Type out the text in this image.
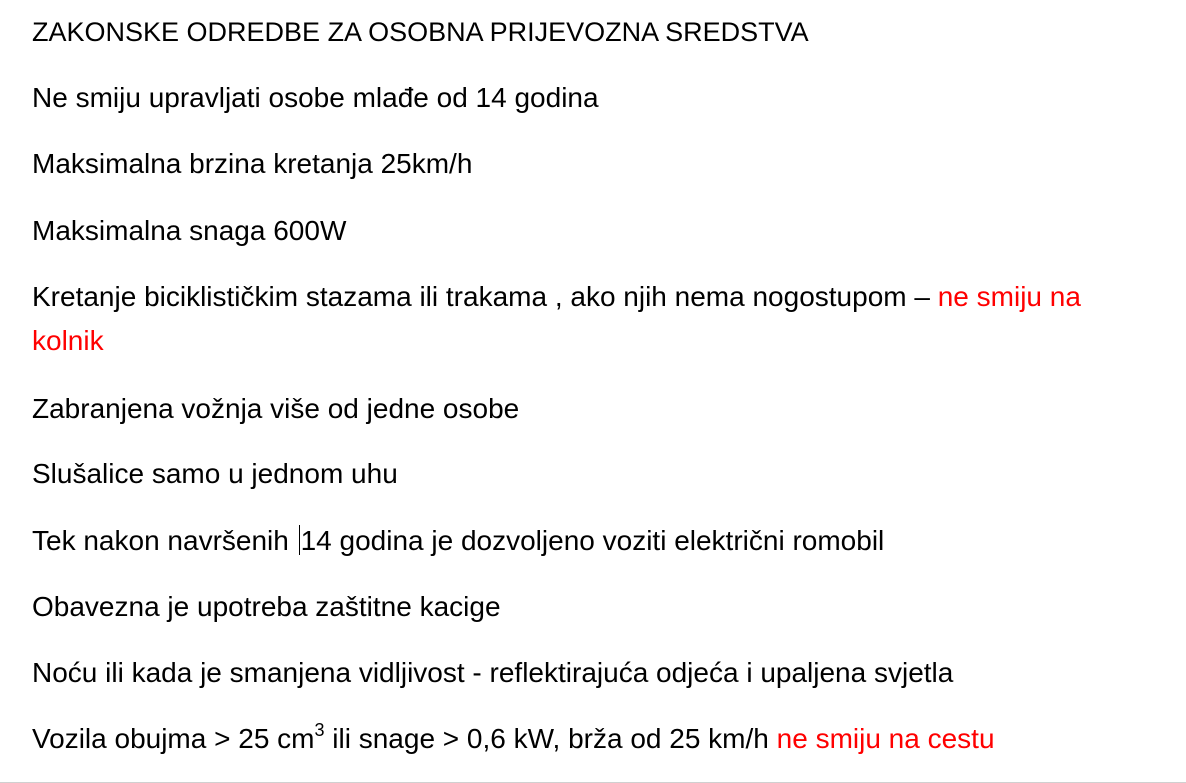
ZAKONSKE ODREDBE ZA OSOBNA PRIJEVOZNA SREDSTVA
Ne smiju upravljati osobe mlađe od 14 godina
Maksimalna brzina kretanja 25km/h
Maksimalna snaga 600W
Kretanje biciklističkim stazama ili trakama , ako njih nema nogostupom – ne smiju na kolnik
Zabranjena vožnja više od jedne osobe
Slušalice samo u jednom uhu
Tek nakon navršenih 14 godina je dozvoljeno voziti električni romobil
Obavezna je upotreba zaštitne kacige
Noću ili kada je smanjena vidljivost - reflektirajuća odjeća i upaljena svjetla
Vozila obujma > 25 $cm^3$ ili snage > 0,6 kW, brža od 25 km/h ne smiju na cestu
